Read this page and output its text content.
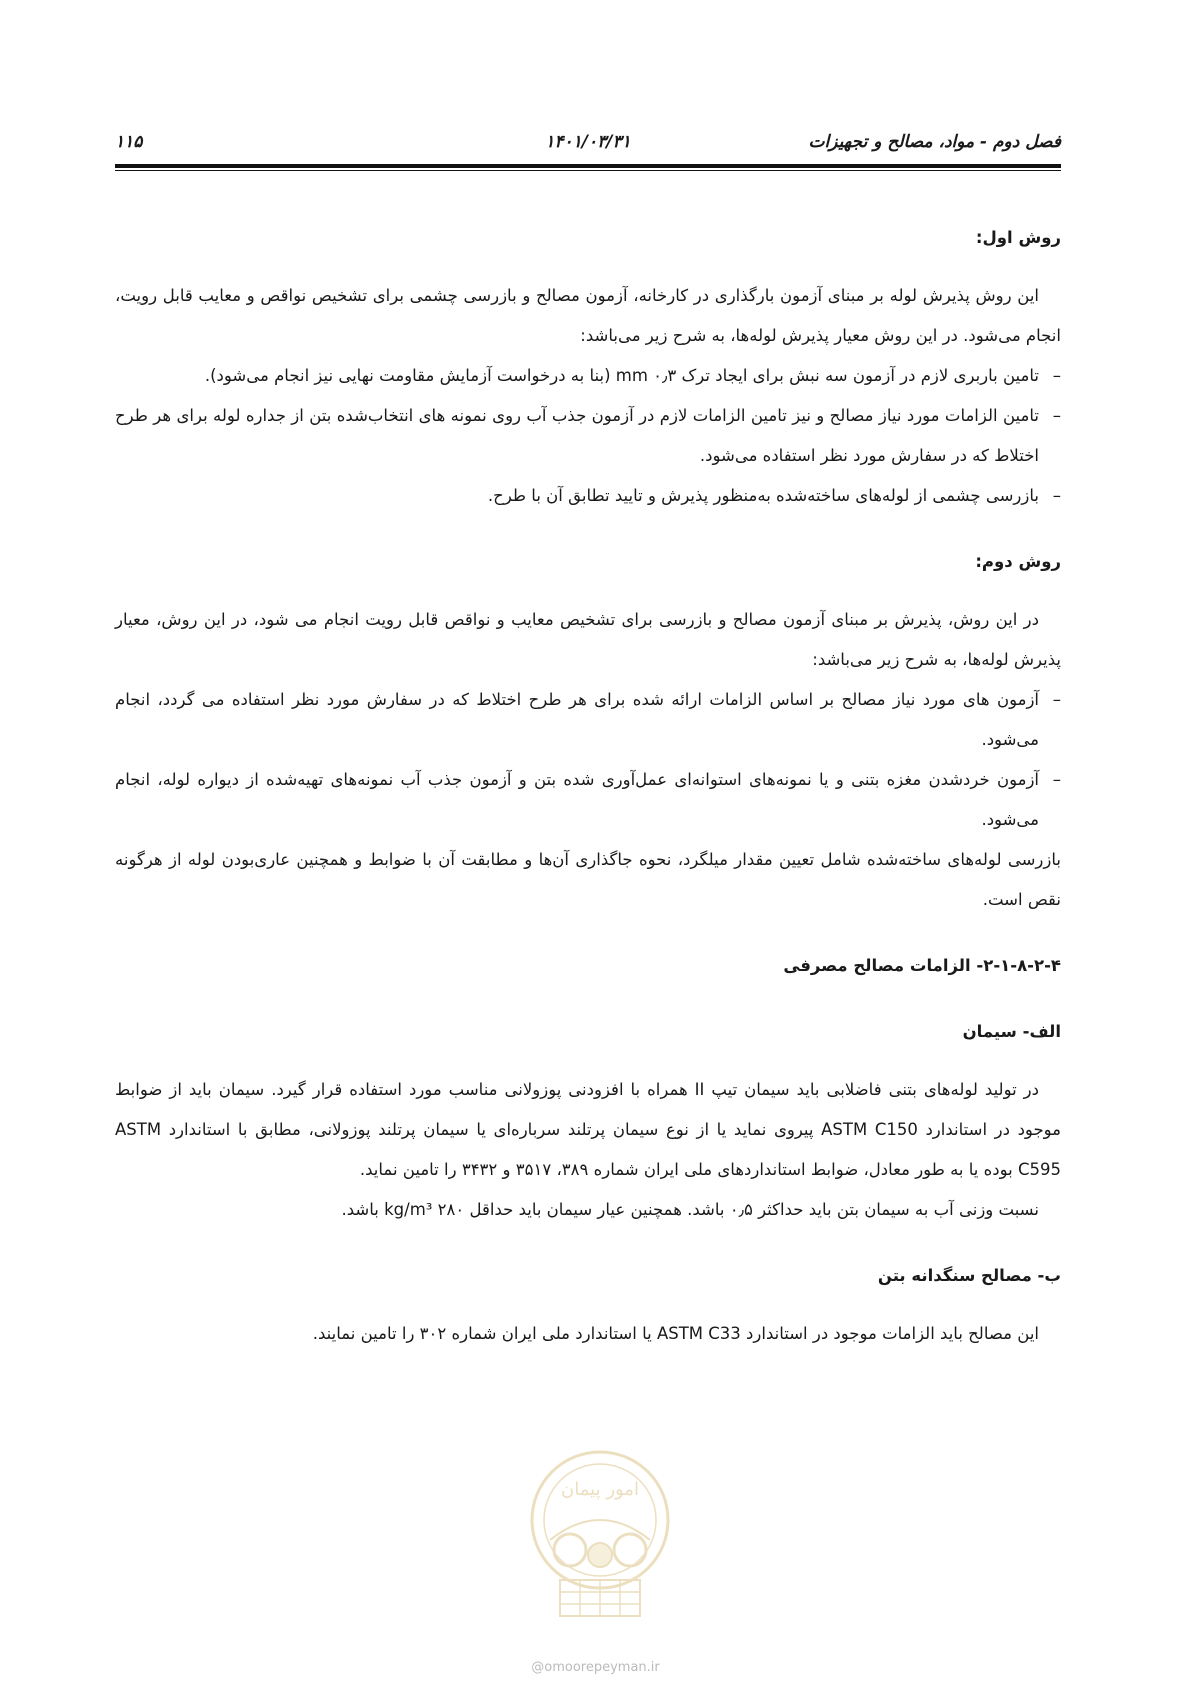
فصل دوم - مواد، مصالح و تجهیزات
۱۴۰۱/۰۳/۳۱
۱۱۵

روش اول:

این روش پذیرش لوله بر مبنای آزمون بارگذاری در کارخانه، آزمون مصالح و بازرسی چشمی برای تشخیص نواقص و معایب قابل رویت، انجام می‌شود. در این روش معیار پذیرش لوله‌ها، به شرح زیر می‌باشد:

–
تامین باربری لازم در آزمون سه نبش برای ایجاد ترک ۰٫۳ mm (بنا به درخواست آزمایش مقاومت نهایی نیز انجام می‌شود).
–
تامین الزامات مورد نیاز مصالح و نیز تامین الزامات لازم در آزمون جذب آب روی نمونه های انتخاب‌شده بتن از جداره لوله برای هر طرح اختلاط که در سفارش مورد نظر استفاده می‌شود.
–
بازرسی چشمی از لوله‌های ساخته‌شده به‌منظور پذیرش و تایید تطابق آن با طرح.

روش دوم:

در این روش، پذیرش بر مبنای آزمون مصالح و بازرسی برای تشخیص معایب و نواقص قابل رویت انجام می شود، در این روش، معیار پذیرش لوله‌ها، به شرح زیر می‌باشد:

–
آزمون های مورد نیاز مصالح بر اساس الزامات ارائه شده برای هر طرح اختلاط که در سفارش مورد نظر استفاده می گردد، انجام می‌شود.
–
آزمون خردشدن مغزه بتنی و یا نمونه‌های استوانه‌ای عمل‌آوری شده بتن و آزمون جذب آب نمونه‌های تهیه‌شده از دیواره لوله، انجام می‌شود.

بازرسی لوله‌های ساخته‌شده شامل تعیین مقدار میلگرد، نحوه جاگذاری آن‌ها و مطابقت آن با ضوابط و همچنین عاری‌بودن لوله از هرگونه نقص است.

۲-۱-۸-۲-۴- الزامات مصالح مصرفی

الف- سیمان

در تولید لوله‌های بتنی فاضلابی باید سیمان تیپ II همراه با افزودنی پوزولانی مناسب مورد استفاده قرار گیرد. سیمان باید از ضوابط موجود در استاندارد ASTM C150 پیروی نماید یا از نوع سیمان پرتلند سرباره‌ای یا سیمان پرتلند پوزولانی، مطابق با استاندارد ASTM C595 بوده یا به طور معادل، ضوابط استانداردهای ملی ایران شماره ۳۸۹، ۳۵۱۷ و ۳۴۳۲ را تامین نماید.

نسبت وزنی آب به سیمان بتن باید حداکثر ۰٫۵ باشد. همچنین عیار سیمان باید حداقل kg/m³ ۲۸۰ باشد.

ب- مصالح سنگدانه بتن

این مصالح باید الزامات موجود در استاندارد ASTM C33 یا استاندارد ملی ایران شماره ۳۰۲ را تامین نمایند.

امور پیمان
@omoorepeyman.ir
